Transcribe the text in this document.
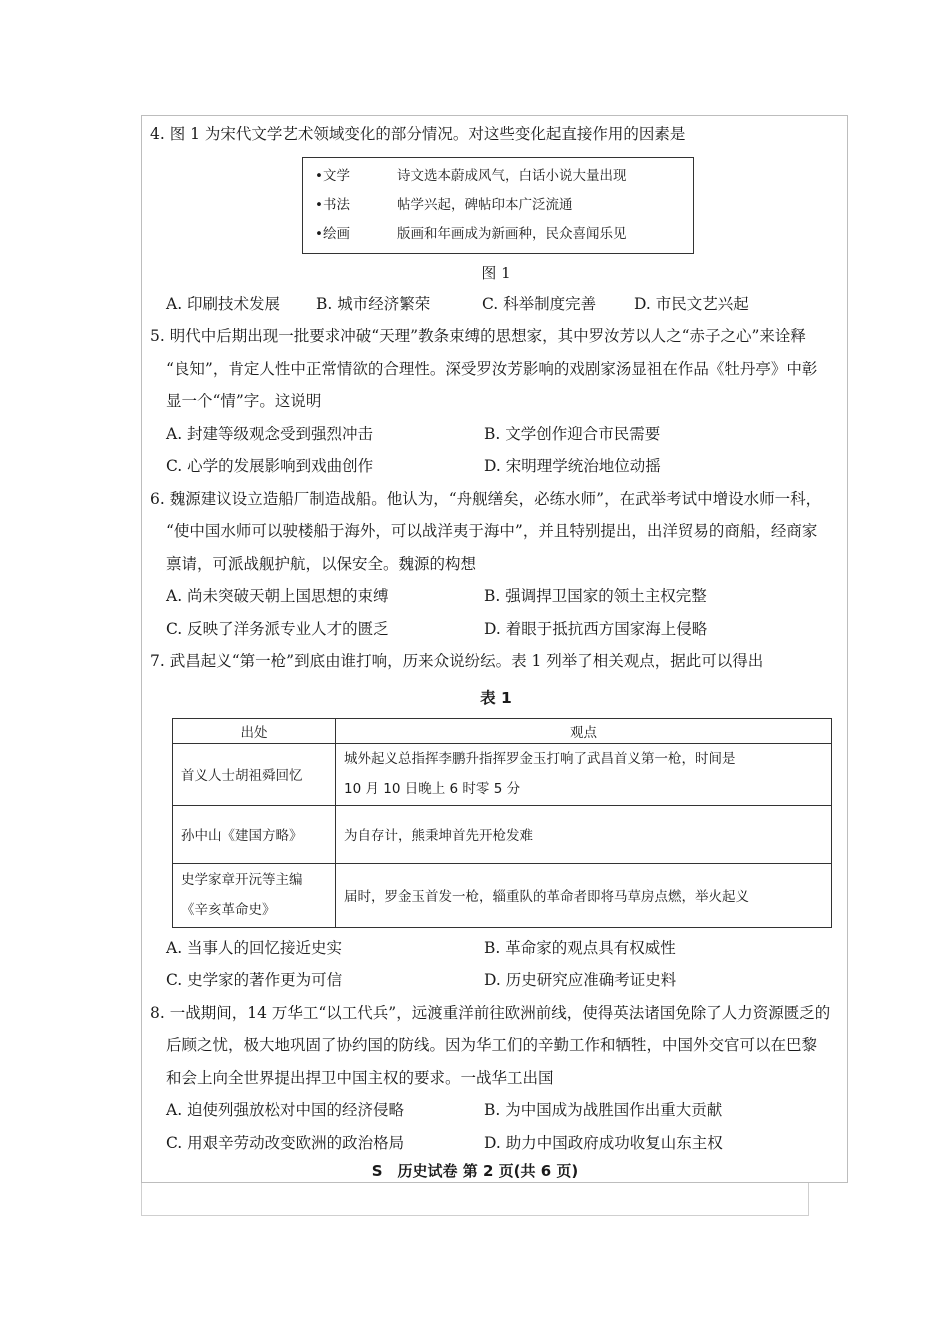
4. 图 1 为宋代文学艺术领域变化的部分情况。对这些变化起直接作用的因素是

•文学	诗文选本蔚成风气，白话小说大量出现
•书法	帖学兴起，碑帖印本广泛流通
•绘画	版画和年画成为新画种，民众喜闻乐见
图 1
A. 印刷技术发展	B. 城市经济繁荣	C. 科举制度完善	D. 市民文艺兴起

5. 明代中后期出现一批要求冲破“天理”教条束缚的思想家，其中罗汝芳以人之“赤子之心”来诠释

“良知”，肯定人性中正常情欲的合理性。深受罗汝芳影响的戏剧家汤显祖在作品《牡丹亭》中彰

显一个“情”字。这说明

A. 封建等级观念受到强烈冲击	B. 文学创作迎合市民需要
C. 心学的发展影响到戏曲创作	D. 宋明理学统治地位动摇

6. 魏源建议设立造船厂制造战船。他认为，“舟舰缮矣，必练水师”，在武举考试中增设水师一科，

“使中国水师可以驶楼船于海外，可以战洋夷于海中”，并且特别提出，出洋贸易的商船，经商家

禀请，可派战舰护航，以保安全。魏源的构想

A. 尚未突破天朝上国思想的束缚	B. 强调捍卫国家的领土主权完整
C. 反映了洋务派专业人才的匮乏	D. 着眼于抵抗西方国家海上侵略

7. 武昌起义“第一枪”到底由谁打响，历来众说纷纭。表 1 列举了相关观点，据此可以得出

表 1
出处	观点

首义人士胡祖舜回忆	城外起义总指挥李鹏升指挥罗金玉打响了武昌首义第一枪，时间是
10 月 10 日晚上 6 时零 5 分

孙中山《建国方略》	为自存计，熊秉坤首先开枪发难

史学家章开沅等主编
《辛亥革命史》	届时，罗金玉首发一枪，辎重队的革命者即将马草房点燃，举火起义
A. 当事人的回忆接近史实	B. 革命家的观点具有权威性
C. 史学家的著作更为可信	D. 历史研究应准确考证史料

8. 一战期间，14 万华工“以工代兵”，远渡重洋前往欧洲前线，使得英法诸国免除了人力资源匮乏的

后顾之忧，极大地巩固了协约国的防线。因为华工们的辛勤工作和牺牲，中国外交官可以在巴黎

和会上向全世界提出捍卫中国主权的要求。一战华工出国

A. 迫使列强放松对中国的经济侵略	B. 为中国成为战胜国作出重大贡献
C. 用艰辛劳动改变欧洲的政治格局	D. 助力中国政府成功收复山东主权
S　历史试卷 第 2 页(共 6 页)
